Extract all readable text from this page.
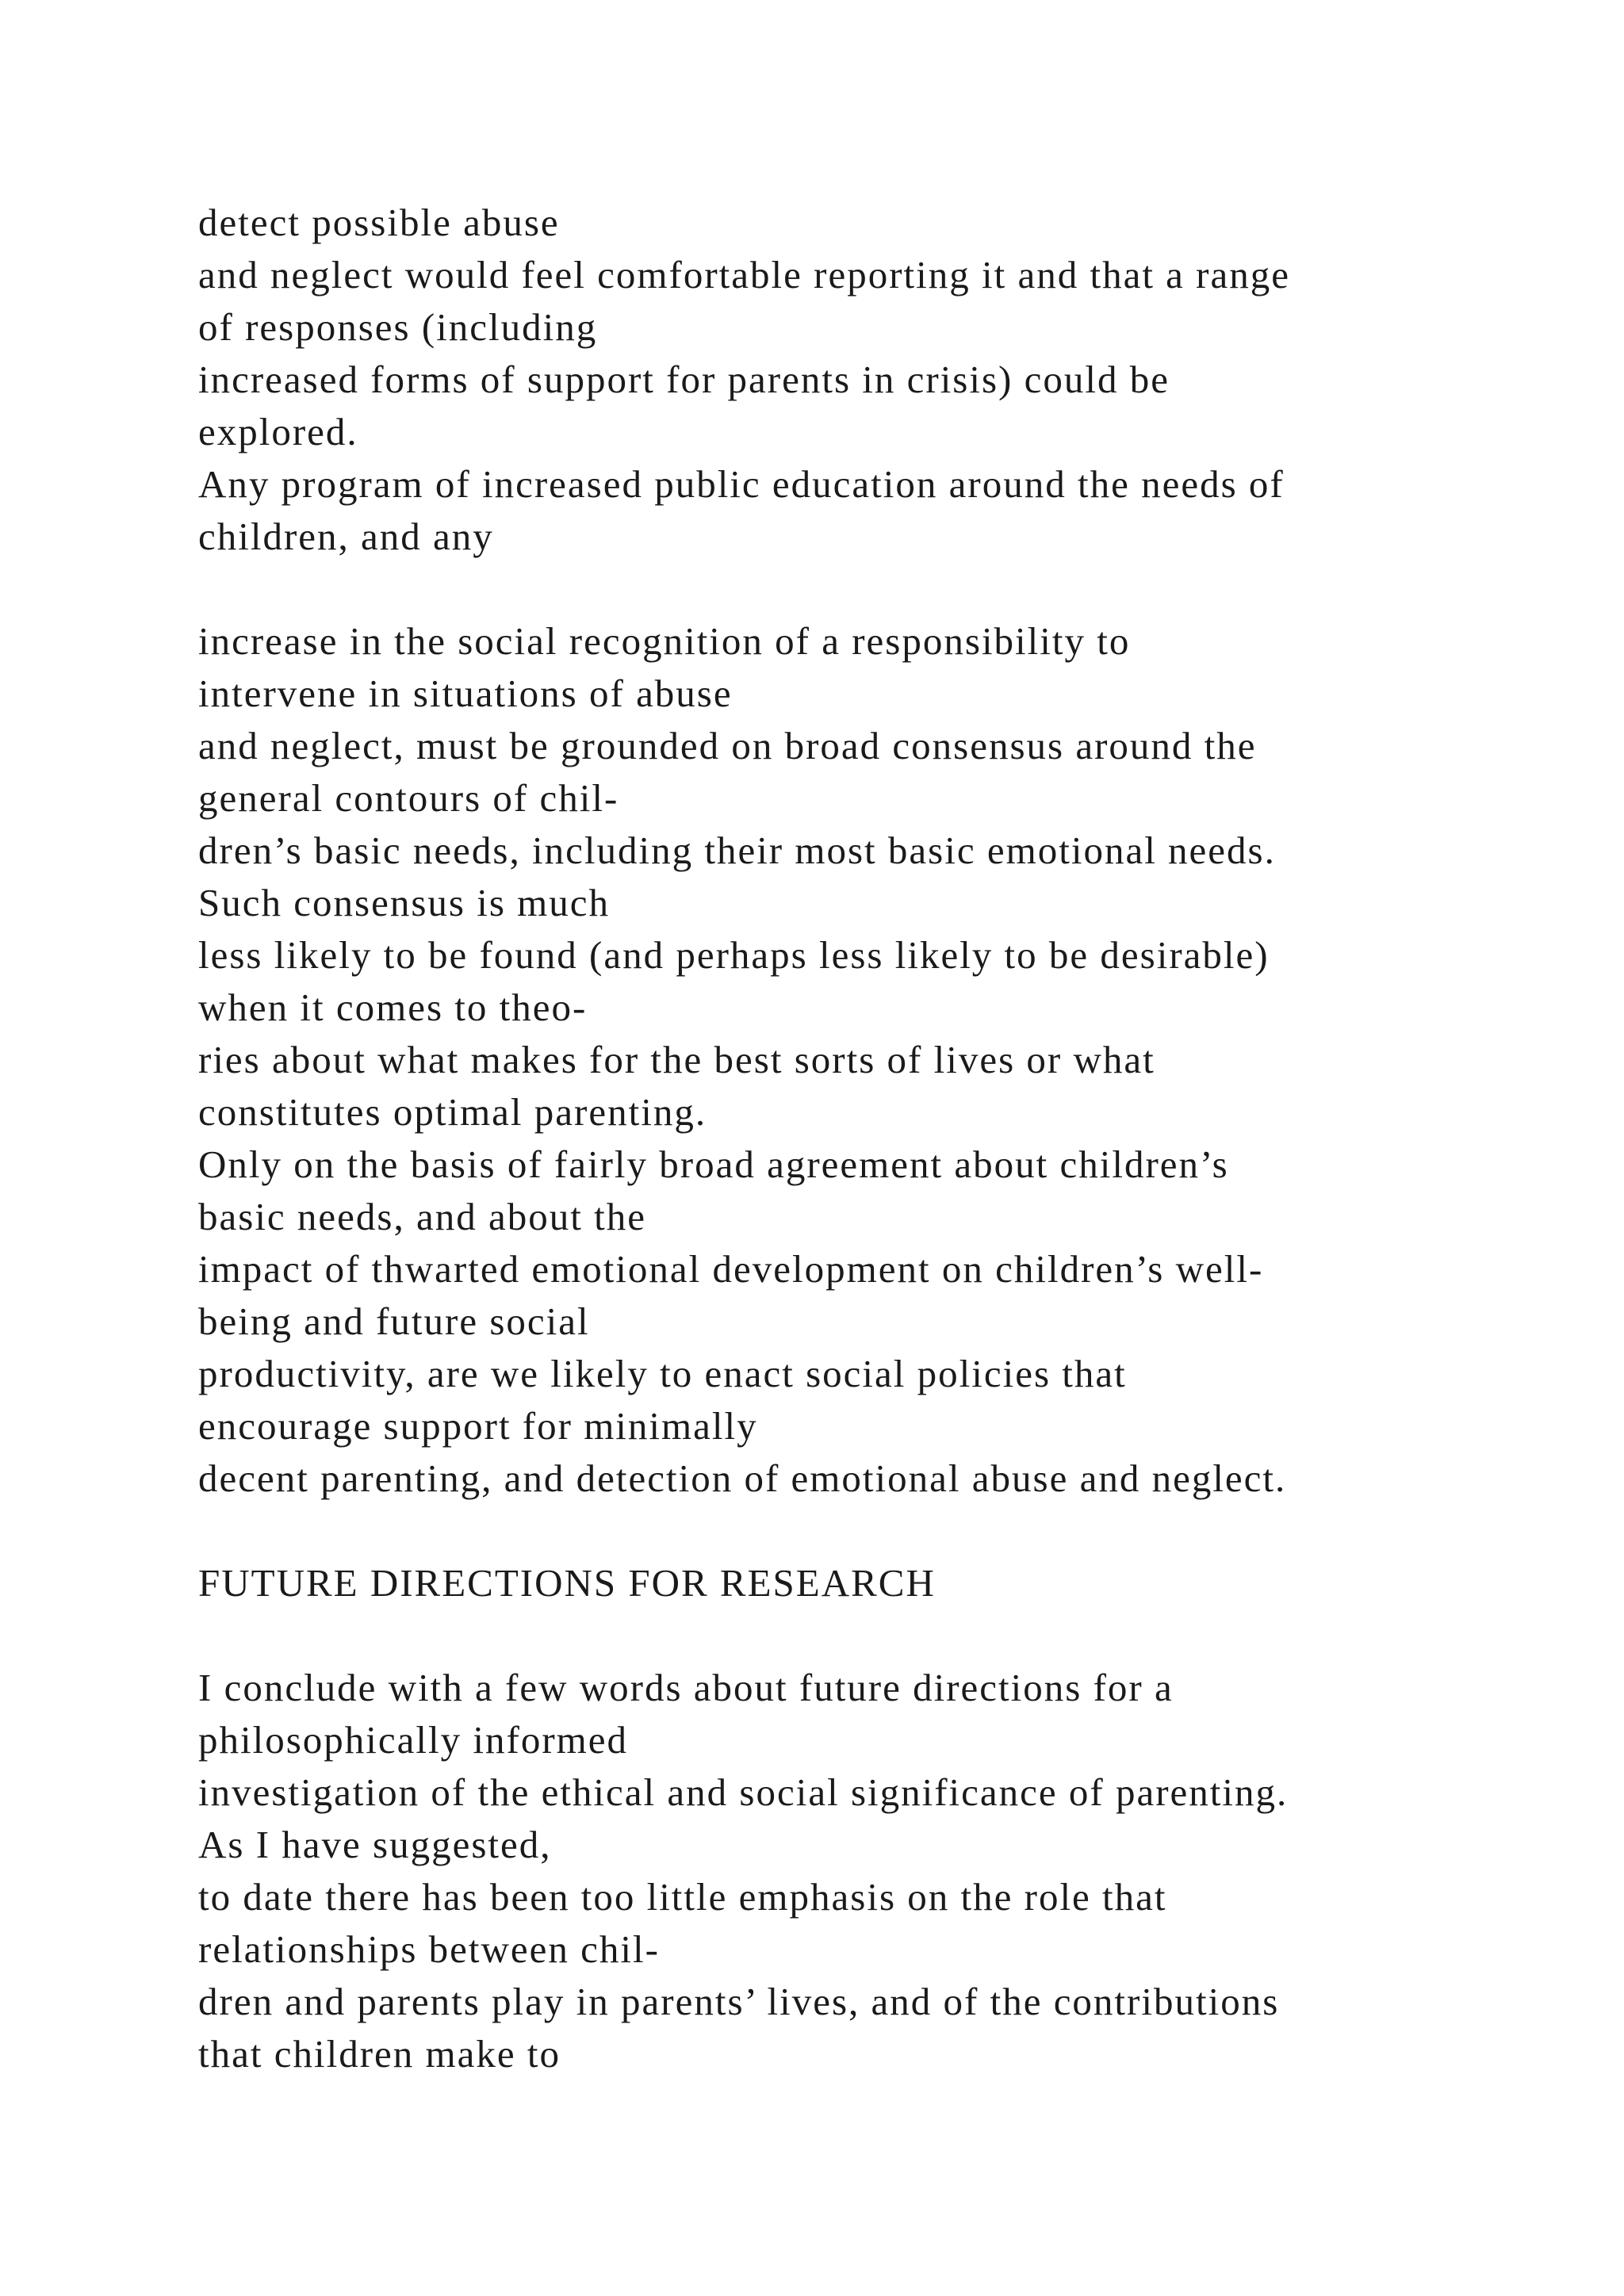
detect possible abuse
and neglect would feel comfortable reporting it and that a range
of responses (including
increased forms of support for parents in crisis) could be
explored.
Any program of increased public education around the needs of
children, and any
increase in the social recognition of a responsibility to
intervene in situations of abuse
and neglect, must be grounded on broad consensus around the
general contours of chil-
dren’s basic needs, including their most basic emotional needs.
Such consensus is much
less likely to be found (and perhaps less likely to be desirable)
when it comes to theo-
ries about what makes for the best sorts of lives or what
constitutes optimal parenting.
Only on the basis of fairly broad agreement about children’s
basic needs, and about the
impact of thwarted emotional development on children’s well-
being and future social
productivity, are we likely to enact social policies that
encourage support for minimally
decent parenting, and detection of emotional abuse and neglect.
FUTURE DIRECTIONS FOR RESEARCH
I conclude with a few words about future directions for a
philosophically informed
investigation of the ethical and social significance of parenting.
As I have suggested,
to date there has been too little emphasis on the role that
relationships between chil-
dren and parents play in parents’ lives, and of the contributions
that children make to
